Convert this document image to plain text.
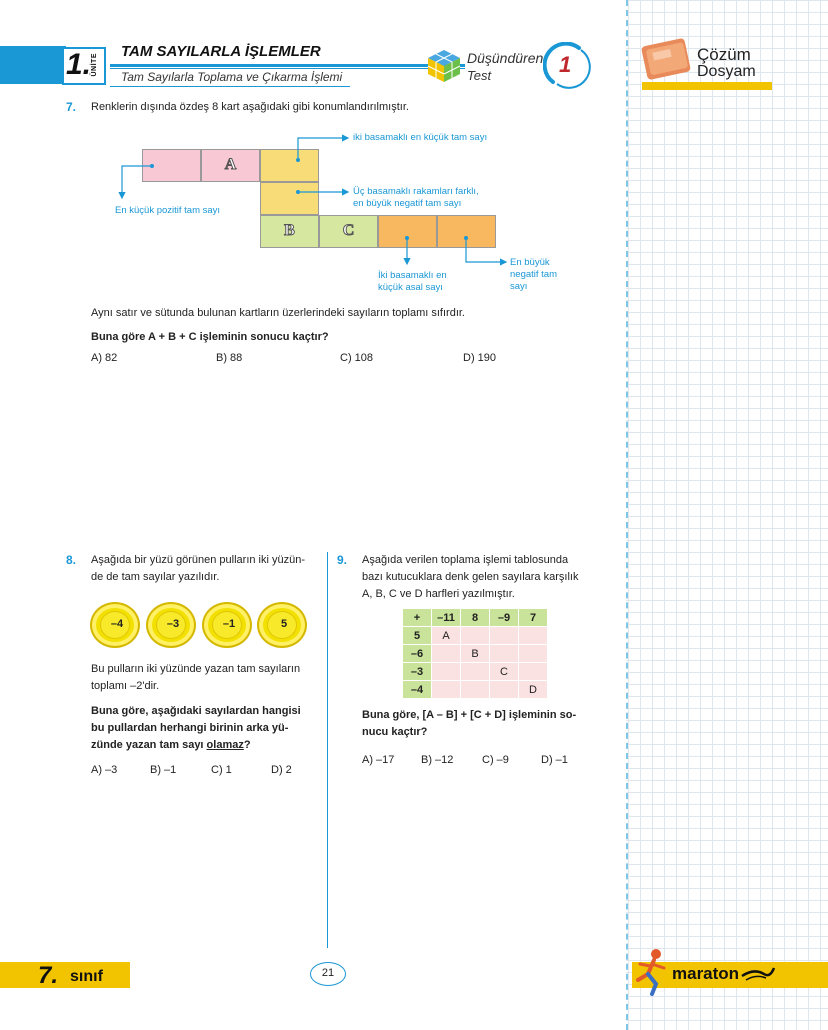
1. ÜNİTE
TAM SAYILARLA İŞLEMLER
Tam Sayılarla Toplama ve Çıkarma İşlemi
Düşündüren
Test	1	Çözüm
Dosyam
7. Renklerin dışında özdeş 8 kart aşağıdaki gibi konumlandırılmıştır.
A
B	C
iki basamaklı en küçük tam sayı
En küçük pozitif tam sayı
Üç basamaklı rakamları farklı,
en büyük negatif tam sayı
İki basamaklı en
küçük asal sayı
En büyük
negatif tam
sayı
Aynı satır ve sütunda bulunan kartların üzerlerindeki sayıların toplamı sıfırdır.
Buna göre A + B + C işleminin sonucu kaçtır?
A) 82	B) 88	C) 108	D) 190
8. Aşağıda bir yüzü görünen pulların iki yüzün-
de de tam sayılar yazılıdır.
–4	–3	–1	5
Bu pulların iki yüzünde yazan tam sayıların
toplamı –2'dir.
Buna göre, aşağıdaki sayılardan hangisi
bu pullardan herhangi birinin arka yü-
zünde yazan tam sayı olamaz?
A) –3	B) –1	C) 1	D) 2
9. Aşağıda verilen toplama işlemi tablosunda
bazı kutucuklara denk gelen sayılara karşılık
A, B, C ve D harfleri yazılmıştır.
+	–11	8	–9	7
5	A			
–6		B		
–3			C	
–4				D
Buna göre, [A – B] + [C + D] işleminin so-
nucu kaçtır?
A) –17 B) –12	C) –9	D) –1
7. sınıf	21	maraton
